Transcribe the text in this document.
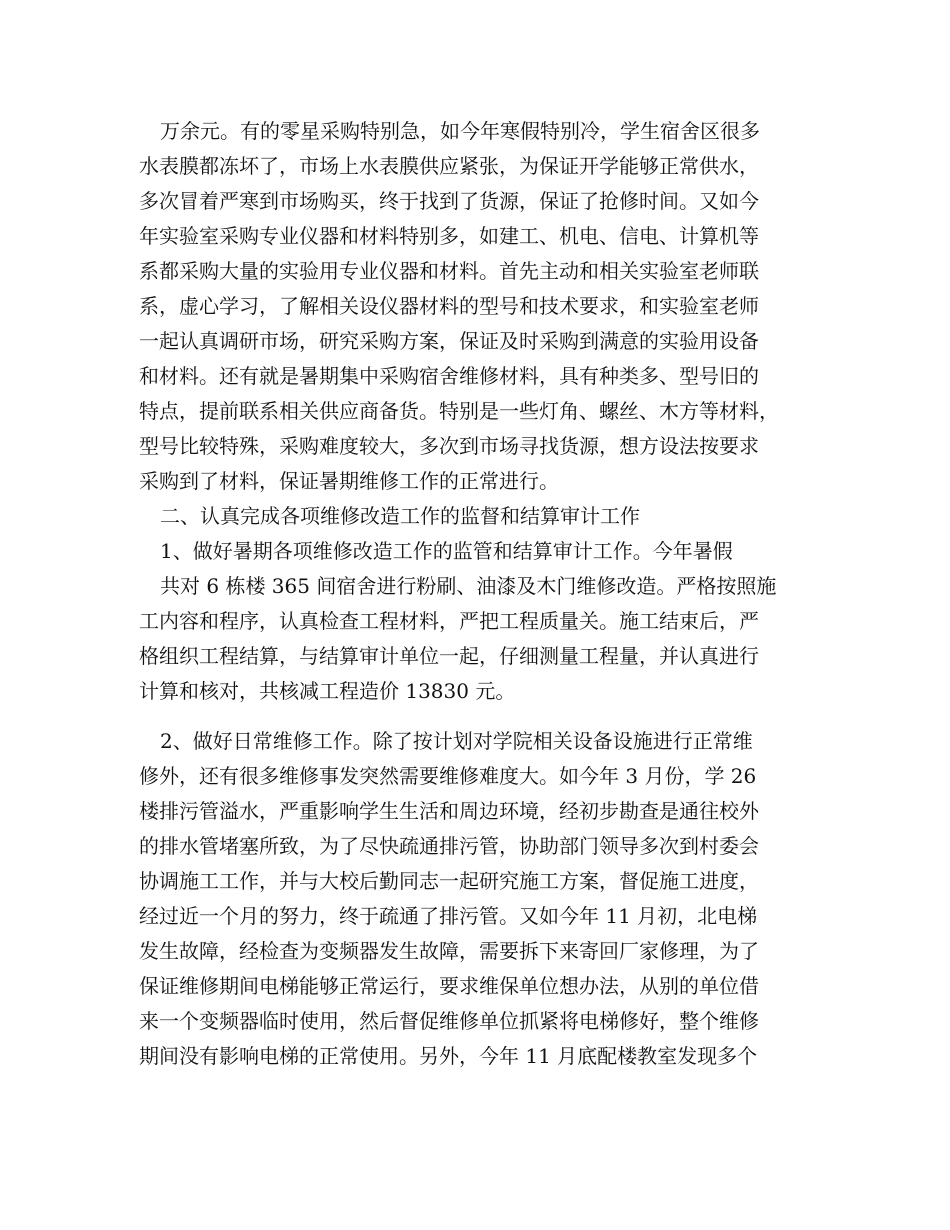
万余元。有的零星采购特别急，如今年寒假特别冷，学生宿舍区很多
水表膜都冻坏了，市场上水表膜供应紧张，为保证开学能够正常供水，
多次冒着严寒到市场购买，终于找到了货源，保证了抢修时间。又如今
年实验室采购专业仪器和材料特别多，如建工、机电、信电、计算机等
系都采购大量的实验用专业仪器和材料。首先主动和相关实验室老师联
系，虚心学习，了解相关设仪器材料的型号和技术要求，和实验室老师
一起认真调研市场，研究采购方案，保证及时采购到满意的实验用设备
和材料。还有就是暑期集中采购宿舍维修材料，具有种类多、型号旧的
特点，提前联系相关供应商备货。特别是一些灯角、螺丝、木方等材料，
型号比较特殊，采购难度较大，多次到市场寻找货源，想方设法按要求
采购到了材料，保证暑期维修工作的正常进行。
二、认真完成各项维修改造工作的监督和结算审计工作
1、做好暑期各项维修改造工作的监管和结算审计工作。今年暑假
共对 6 栋楼 365 间宿舍进行粉刷、油漆及木门维修改造。严格按照施
工内容和程序，认真检查工程材料，严把工程质量关。施工结束后，严
格组织工程结算，与结算审计单位一起，仔细测量工程量，并认真进行
计算和核对，共核减工程造价 13830 元。
2、做好日常维修工作。除了按计划对学院相关设备设施进行正常维
修外，还有很多维修事发突然需要维修难度大。如今年 3 月份，学 26
楼排污管溢水，严重影响学生生活和周边环境，经初步勘查是通往校外
的排水管堵塞所致，为了尽快疏通排污管，协助部门领导多次到村委会
协调施工工作，并与大校后勤同志一起研究施工方案，督促施工进度，
经过近一个月的努力，终于疏通了排污管。又如今年 11 月初，北电梯
发生故障，经检查为变频器发生故障，需要拆下来寄回厂家修理，为了
保证维修期间电梯能够正常运行，要求维保单位想办法，从别的单位借
来一个变频器临时使用，然后督促维修单位抓紧将电梯修好，整个维修
期间没有影响电梯的正常使用。另外，今年 11 月底配楼教室发现多个
